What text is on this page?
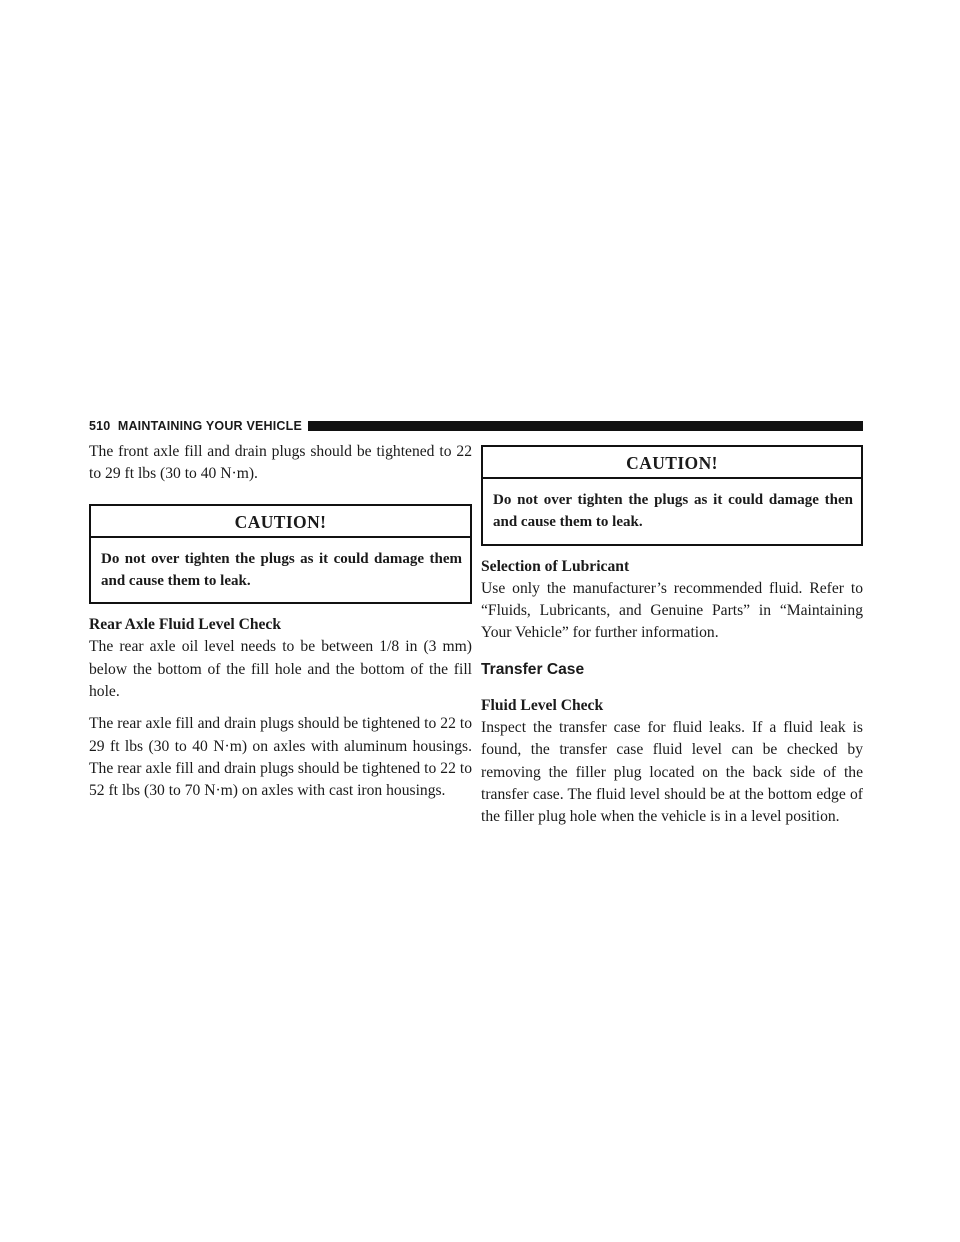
510 MAINTAINING YOUR VEHICLE

The front axle fill and drain plugs should be tightened to 22 to 29 ft lbs (30 to 40 N·m).

CAUTION!
Do not over tighten the plugs as it could damage them and cause them to leak.
Rear Axle Fluid Level Check

The rear axle oil level needs to be between 1/8 in (3 mm) below the bottom of the fill hole and the bottom of the fill hole.

The rear axle fill and drain plugs should be tightened to 22 to 29 ft lbs (30 to 40 N·m) on axles with aluminum housings. The rear axle fill and drain plugs should be tightened to 22 to 52 ft lbs (30 to 70 N·m) on axles with cast iron housings.

CAUTION!
Do not over tighten the plugs as it could damage then and cause them to leak.
Selection of Lubricant

Use only the manufacturer’s recommended fluid. Refer to “Fluids, Lubricants, and Genuine Parts” in “Maintaining Your Vehicle” for further information.

Transfer Case
Fluid Level Check

Inspect the transfer case for fluid leaks. If a fluid leak is found, the transfer case fluid level can be checked by removing the filler plug located on the back side of the transfer case. The fluid level should be at the bottom edge of the filler plug hole when the vehicle is in a level position.
